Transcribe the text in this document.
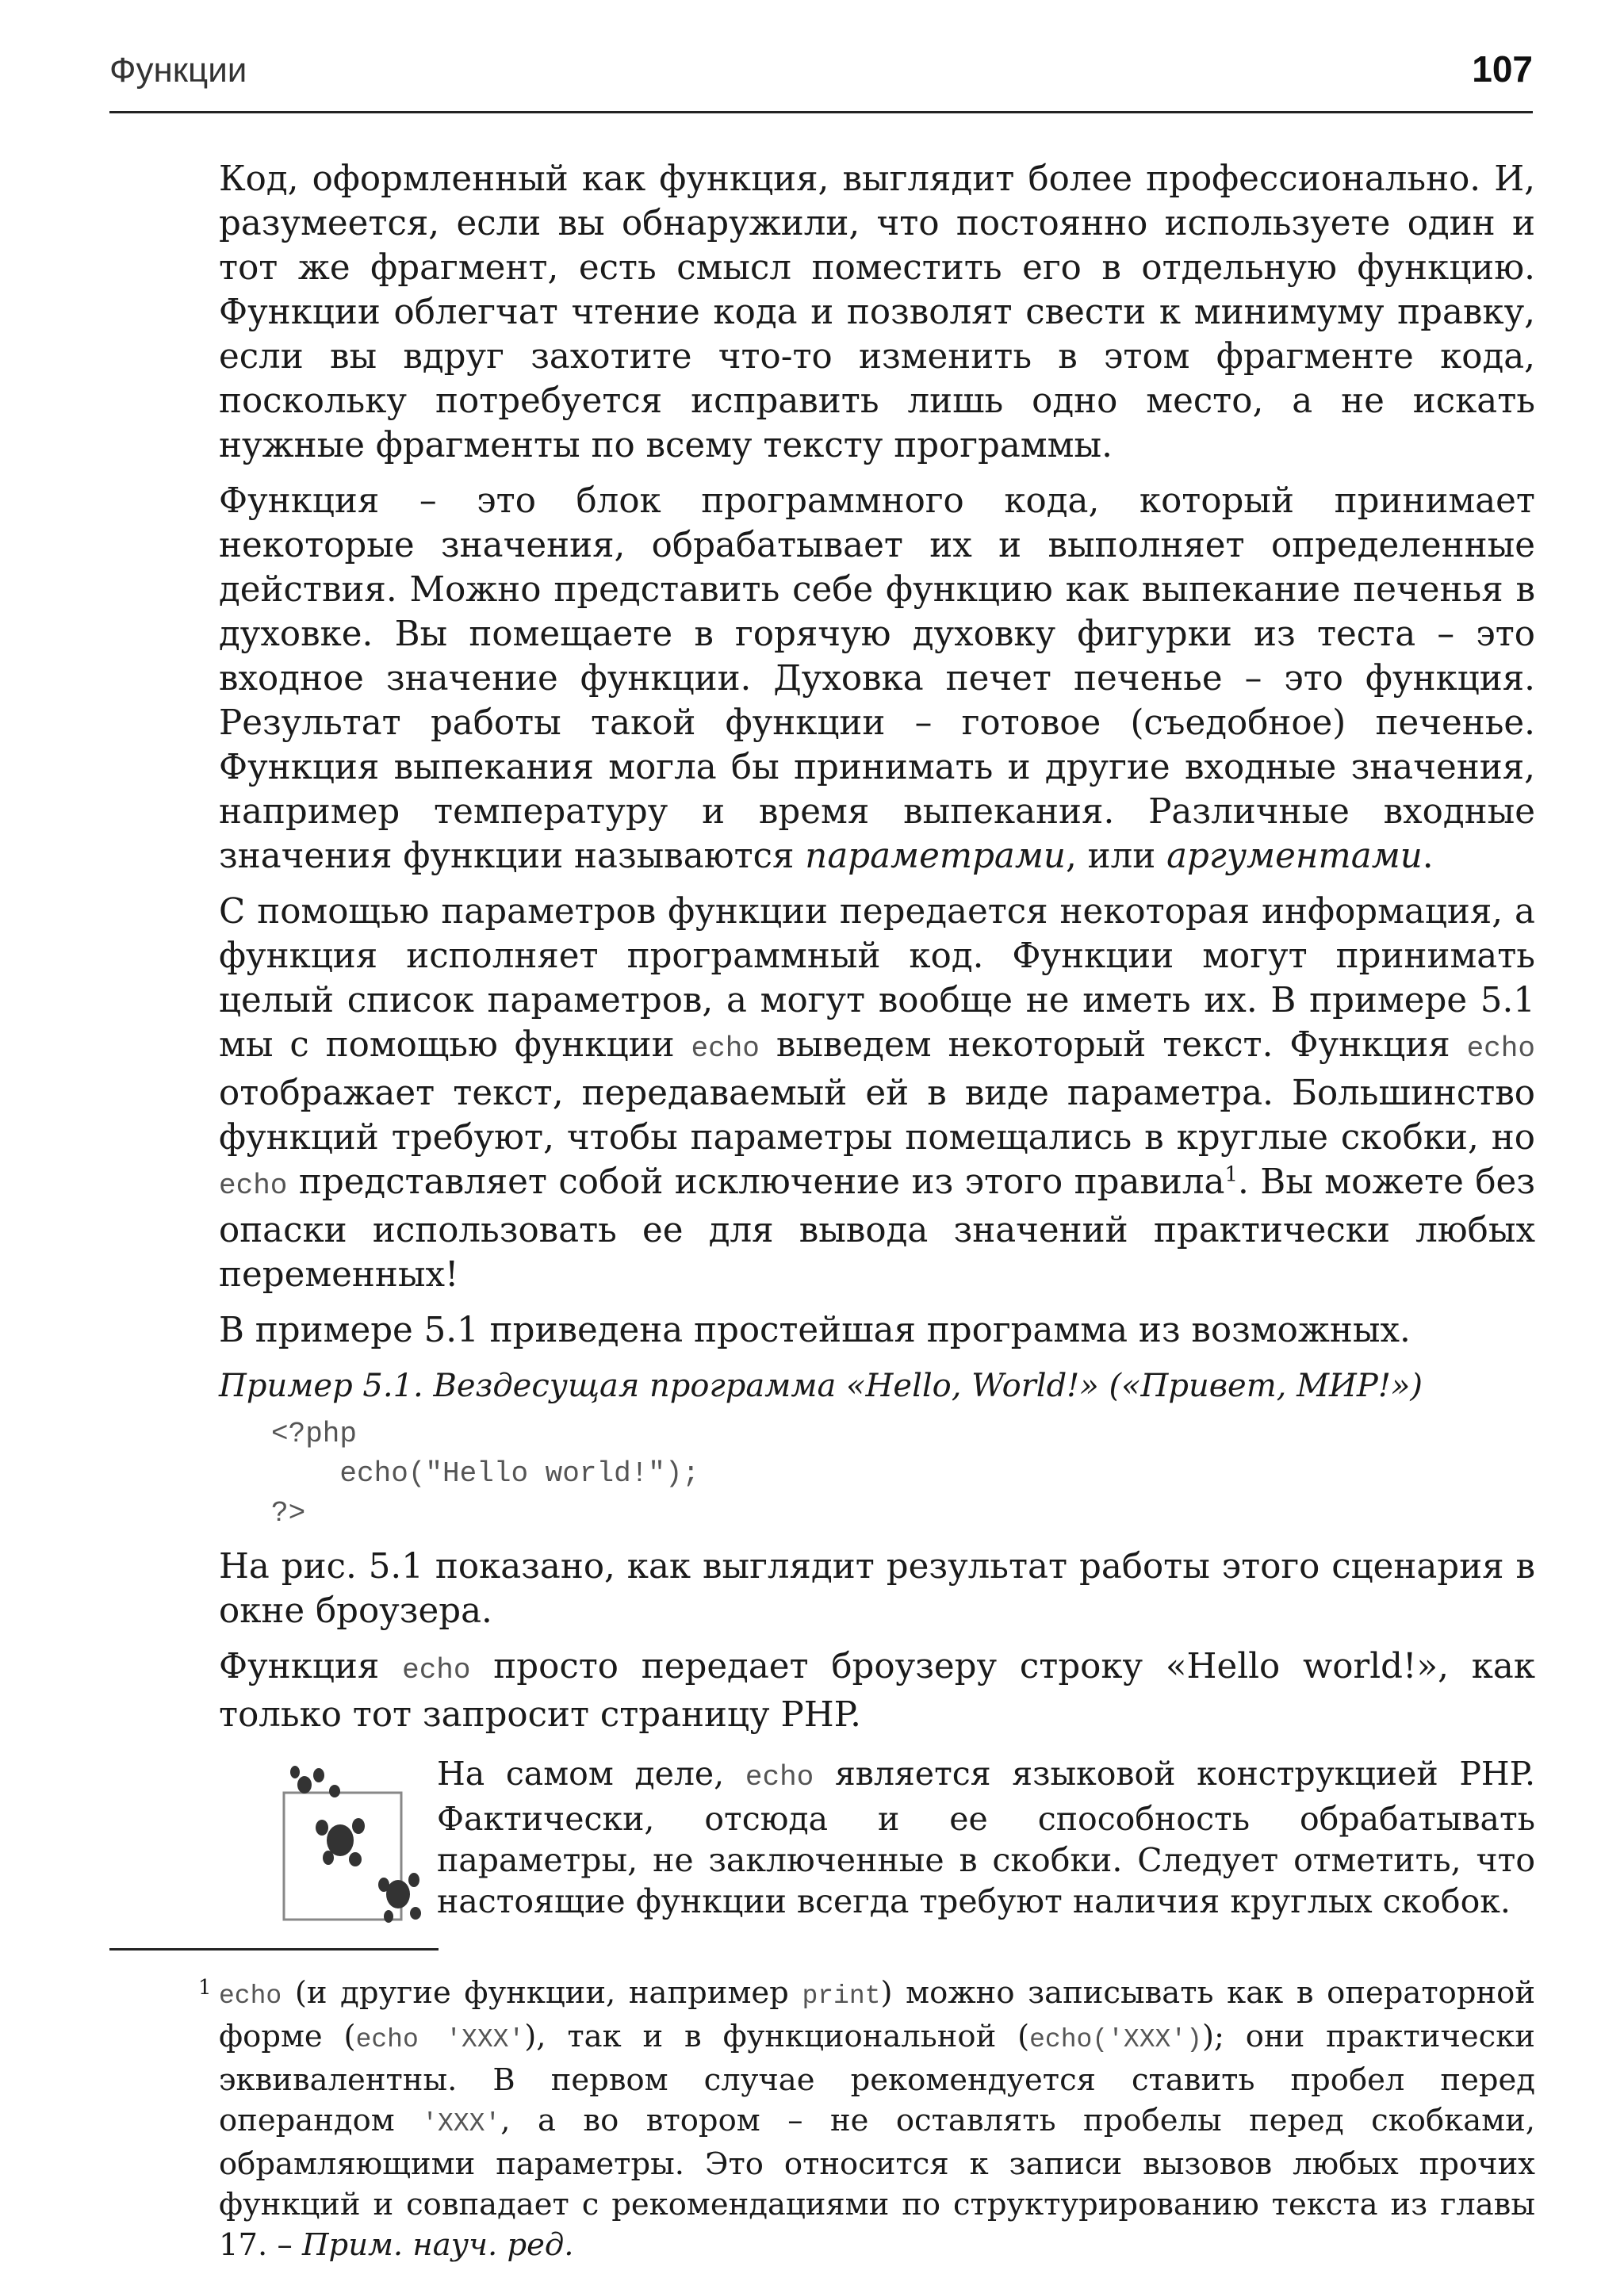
Функции	107

Код, оформленный как функция, выглядит более профессионально. И, разумеется, если вы обнаружили, что постоянно используете один и тот же фрагмент, есть смысл поместить его в отдельную функцию. Функции облегчат чтение кода и позволят свести к минимуму правку, если вы вдруг захотите что-то изменить в этом фрагменте кода, поскольку потребуется исправить лишь одно место, а не искать нужные фрагменты по всему тексту программы.

Функция – это блок программного кода, который принимает некоторые значения, обрабатывает их и выполняет определенные действия. Можно представить себе функцию как выпекание печенья в духовке. Вы помещаете в горячую духовку фигурки из теста – это входное значение функции. Духовка печет печенье – это функция. Результат работы такой функции – готовое (съедобное) печенье. Функция выпекания могла бы принимать и другие входные значения, например температуру и время выпекания. Различные входные значения функции называются параметрами, или аргументами.

С помощью параметров функции передается некоторая информация, а функция исполняет программный код. Функции могут принимать целый список параметров, а могут вообще не иметь их. В примере 5.1 мы с помощью функции echo выведем некоторый текст. Функция echo отображает текст, передаваемый ей в виде параметра. Большинство функций требуют, чтобы параметры помещались в круглые скобки, но echo представляет собой исключение из этого правила$^1$. Вы можете без опаски использовать ее для вывода значений практически любых переменных!

В примере 5.1 приведена простейшая программа из возможных.

Пример 5.1. Вездесущая программа «Hello, World!» («Привет, МИР!»)

<?php
echo("Hello world!");
?>

На рис. 5.1 показано, как выглядит результат работы этого сценария в окне броузера.

Функция echo просто передает броузеру строку «Hello world!», как только тот запросит страницу PHP.

На самом деле, echo является языковой конструкцией PHP. Фактически, отсюда и ее способность обрабатывать параметры, не заключенные в скобки. Следует отметить, что настоящие функции всегда требуют наличия круглых скобок.
1 echo (и другие функции, например print) можно записывать как в операторной форме (echo 'XXX'), так и в функциональной (echo('XXX')); они практически эквивалентны. В первом случае рекомендуется ставить пробел перед операндом 'XXX', а во втором – не оставлять пробелы перед скобками, обрамляющими параметры. Это относится к записи вызовов любых прочих функций и совпадает с рекомендациями по структурированию текста из главы 17. – Прим. науч. ред.
